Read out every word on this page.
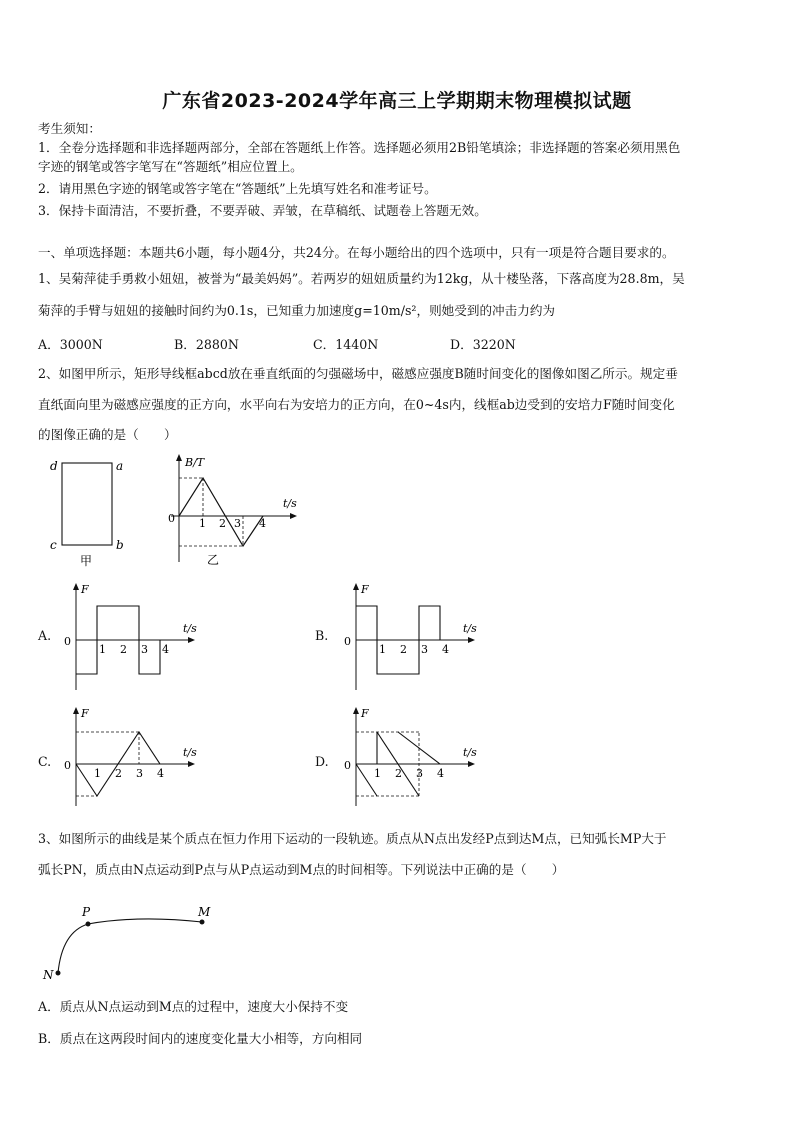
广东省2023-2024学年高三上学期期末物理模拟试题
考生须知：
1．全卷分选择题和非选择题两部分，全部在答题纸上作答。选择题必须用2B铅笔填涂；非选择题的答案必须用黑色
字迹的钢笔或答字笔写在“答题纸”相应位置上。
2．请用黑色字迹的钢笔或答字笔在“答题纸”上先填写姓名和准考证号。
3．保持卡面清洁，不要折叠，不要弄破、弄皱，在草稿纸、试题卷上答题无效。
一、单项选择题：本题共6小题，每小题4分，共24分。在每小题给出的四个选项中，只有一项是符合题目要求的。
1、吴菊萍徒手勇救小妞妞，被誉为“最美妈妈”。若两岁的妞妞质量约为12kg，从十楼坠落，下落高度为28.8m，吴
菊萍的手臂与妞妞的接触时间约为0.1s，已知重力加速度g=10m/s²，则她受到的冲击力约为
A．3000N	B．2880N	C．1440N	D．3220N
2、如图甲所示，矩形导线框abcd放在垂直纸面的匀强磁场中，磁感应强度B随时间变化的图像如图乙所示。规定垂
直纸面向里为磁感应强度的正方向，水平向右为安培力的正方向，在0~4s内，线框ab边受到的安培力F随时间变化
的图像正确的是（　　）
d	a
c	b
甲
B/T
t/s
0 1 2 3 4
乙
A.	B.
C.	D.
F
t/s
0
1 2 3 4
F
t/s
0
1 2 3 4
F
t/s
0
1 2 3 4
F
t/s
0
1 2 3 4
3、如图所示的曲线是某个质点在恒力作用下运动的一段轨迹。质点从N点出发经P点到达M点，已知弧长MP大于
弧长PN，质点由N点运动到P点与从P点运动到M点的时间相等。下列说法中正确的是（　　）
P	M
N
A．质点从N点运动到M点的过程中，速度大小保持不变
B．质点在这两段时间内的速度变化量大小相等，方向相同
